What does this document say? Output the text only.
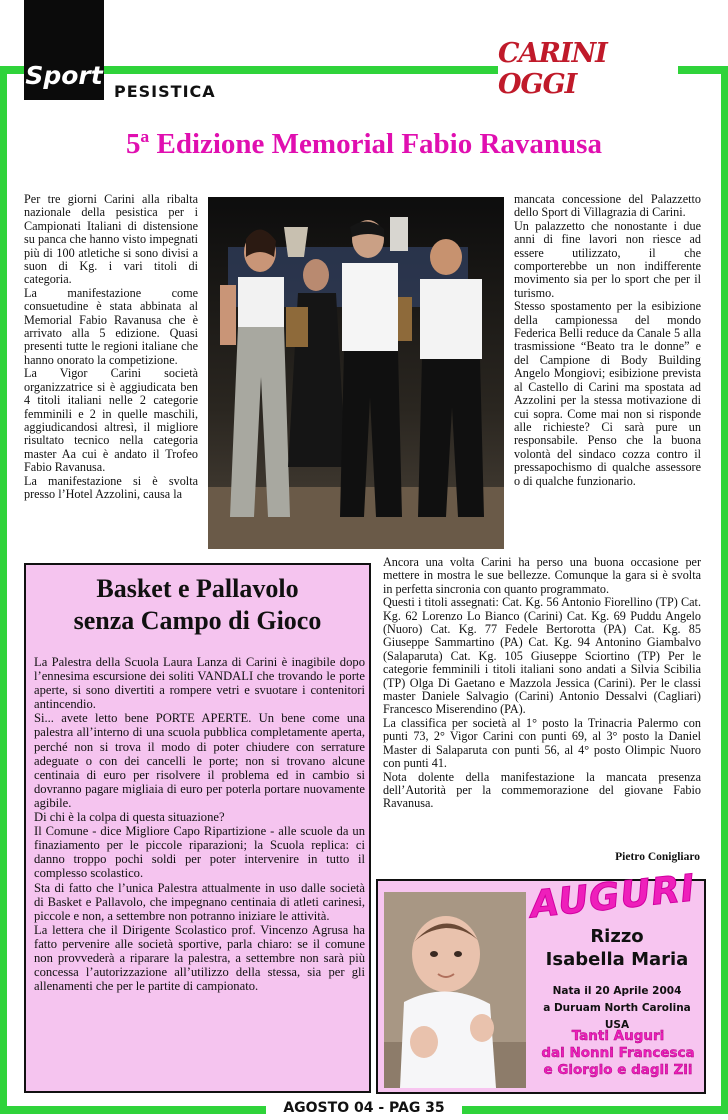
Sport
PESISTICA
CARINI OGGI
5ª Edizione Memorial Fabio Ravanusa

Per tre giorni Carini alla ribalta nazionale della pesistica per i Campionati Italiani di distensione su panca che hanno visto impegnati più di 100 atletiche si sono divisi a suon di Kg. i vari titoli di categoria.

La manifestazione come consuetudine è stata abbinata al Memorial Fabio Ravanusa che è arrivato alla 5 edizione. Quasi presenti tutte le regioni italiane che hanno onorato la competizione.

La Vigor Carini società organizzatrice si è aggiudicata ben 4 titoli italiani nelle 2 categorie femminili e 2 in quelle maschili, aggiudicandosi altresì, il migliore risultato tecnico nella categoria master Aa cui è andato il Trofeo Fabio Ravanusa.

La manifestazione si è svolta presso l’Hotel Azzolini, causa la

mancata concessione del Palazzetto dello Sport di Villagrazia di Carini.

Un palazzetto che nonostante i due anni di fine lavori non riesce ad essere utilizzato, il che comporterebbe un non indifferente movimento sia per lo sport che per il turismo.

Stesso spostamento per la esibizione della campionessa del mondo Federica Belli reduce da Canale 5 alla trasmissione “Beato tra le donne” e del Campione di Body Building Angelo Mongiovi; esibizione prevista al Castello di Carini ma spostata ad Azzolini per la stessa motivazione di cui sopra. Come mai non si risponde alle richieste? Ci sarà pure un responsabile. Penso che la buona volontà del sindaco cozza contro il pressapochismo di qualche assessore o di qualche funzionario.

Ancora una volta Carini ha perso una buona occasione per mettere in mostra le sue bellezze. Comunque la gara si è svolta in perfetta sincronia con quanto programmato.

Questi i titoli assegnati: Cat. Kg. 56 Antonio Fiorellino (TP) Cat. Kg. 62 Lorenzo Lo Bianco (Carini) Cat. Kg. 69 Puddu Angelo (Nuoro) Cat. Kg. 77 Fedele Bertorotta (PA) Cat. Kg. 85 Giuseppe Sammartino (PA) Cat. Kg. 94 Antonino Giambalvo (Salaparuta) Cat. Kg. 105 Giuseppe Sciortino (TP) Per le categorie femminili i titoli italiani sono andati a Silvia Scibilia (TP) Olga Di Gaetano e Mazzola Jessica (Carini). Per le classi master Daniele Salvagio (Carini) Antonio Dessalvi (Cagliari) Francesco Miserendino (PA).

La classifica per società al 1° posto la Trinacria Palermo con punti 73, 2° Vigor Carini con punti 69, al 3° posto la Daniel Master di Salaparuta con punti 56, al 4° posto Olimpic Nuoro con punti 41.

Nota dolente della manifestazione la mancata presenza dell’Autorità per la commemorazione del giovane Fabio Ravanusa.

Pietro Conigliaro
Basket e Pallavolo
senza Campo di Gioco

La Palestra della Scuola Laura Lanza di Carini è inagibile dopo l’ennesima escursione dei soliti VANDALI che trovando le porte aperte, si sono divertiti a rompere vetri e svuotare i contenitori antincendio.

Si... avete letto bene PORTE APERTE. Un bene come una palestra all’interno di una scuola pubblica completamente aperta, perché non si trova il modo di poter chiudere con serrature adeguate o con dei cancelli le porte; non si trovano alcune centinaia di euro per risolvere il problema ed in cambio si dovranno pagare migliaia di euro per poterla portare nuovamente agibile.

Di chi è la colpa di questa situazione?

Il Comune - dice Migliore Capo Ripartizione - alle scuole da un finaziamento per le piccole riparazioni; la Scuola replica: ci danno troppo pochi soldi per poter intervenire in tutto il complesso scolastico.

Sta di fatto che l’unica Palestra attualmente in uso dalle società di Basket e Pallavolo, che impegnano centinaia di atleti carinesi, piccole e non, a settembre non potranno iniziare le attività.

La lettera che il Dirigente Scolastico prof. Vincenzo Agrusa ha fatto pervenire alle società sportive, parla chiaro: se il comune non provvederà a riparare la palestra, a settembre non sarà più concessa l’autorizzazione all’utilizzo della stessa, sia per gli allenamenti che per le partite di campionato.

AUGURI
Rizzo
Isabella Maria
Nata il 20 Aprile 2004
a Duruam North Carolina USA
Tanti Auguri
dai Nonni Francesca
e Giorgio e dagli Zii
AGOSTO 04 - PAG 35
